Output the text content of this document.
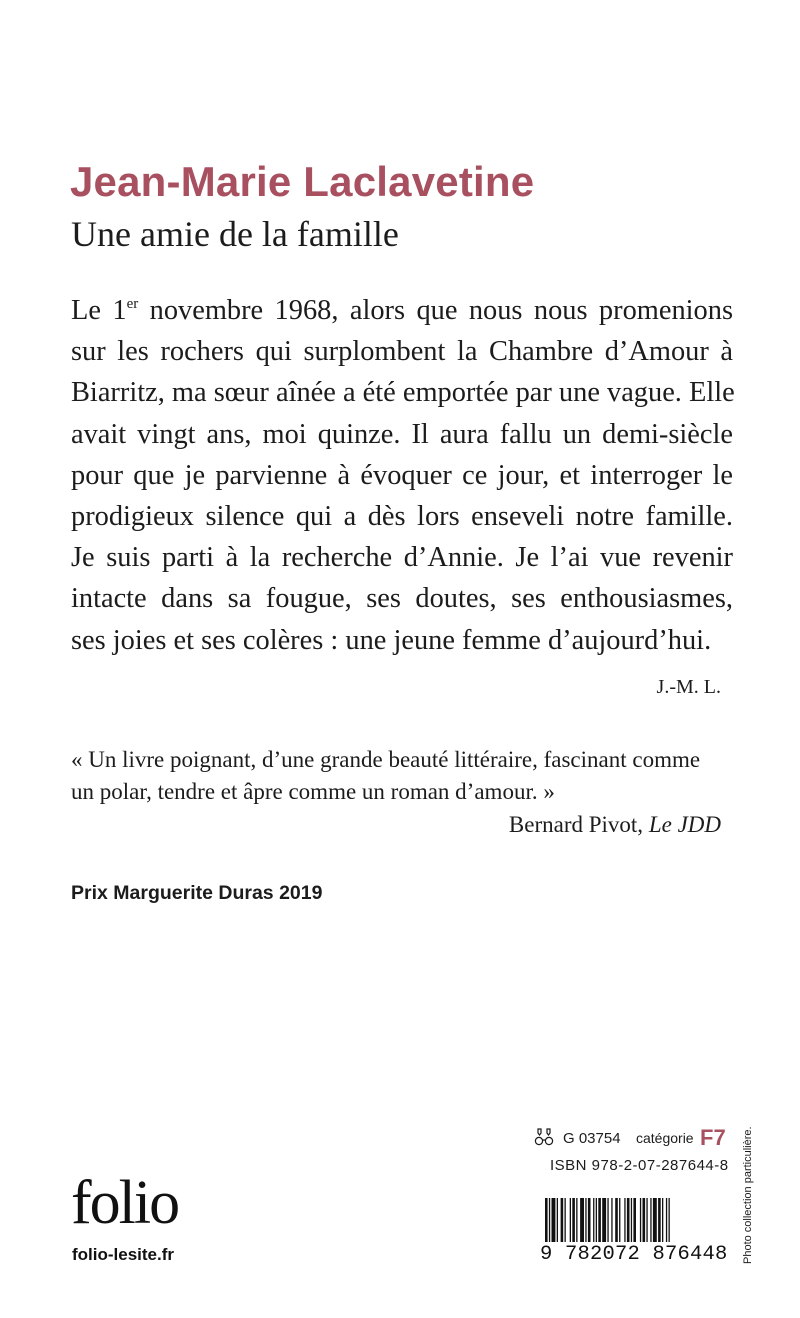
Jean-Marie Laclavetine
Une amie de la famille
Le 1er novembre 1968, alors que nous nous promenions
sur les rochers qui surplombent la Chambre d’Amour à
Biarritz, ma sœur aînée a été emportée par une vague. Elle
avait vingt ans, moi quinze. Il aura fallu un demi-siècle
pour que je parvienne à évoquer ce jour, et interroger le
prodigieux silence qui a dès lors enseveli notre famille.
Je suis parti à la recherche d’Annie. Je l’ai vue revenir
intacte dans sa fougue, ses doutes, ses enthousiasmes,
ses joies et ses colères : une jeune femme d’aujourd’hui.
J.-M. L.
« Un livre poignant, d’une grande beauté littéraire, fascinant comme
un polar, tendre et âpre comme un roman d’amour. »
Bernard Pivot, Le JDD
Prix Marguerite Duras 2019
folio
folio-lesite.fr
G 03754 catégorie F7
ISBN 978-2-07-287644-8
9 782072 876448 Photo collection particulière.
